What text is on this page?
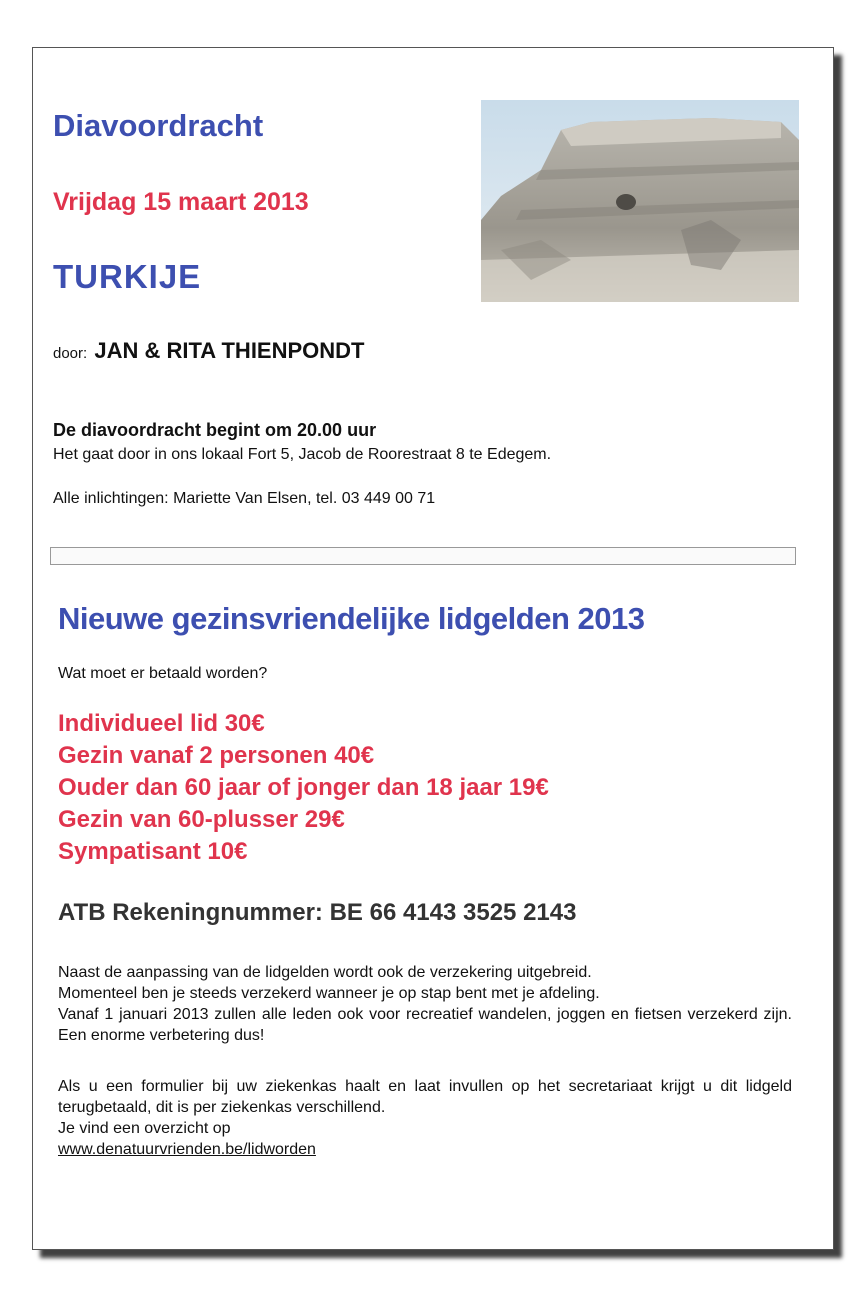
Diavoordracht
Vrijdag 15 maart 2013
TURKIJE
door: JAN & RITA THIENPONDT
De diavoordracht begint om 20.00 uur
Het gaat door in ons lokaal Fort 5, Jacob de Roorestraat 8 te Edegem.
Alle inlichtingen: Mariette Van Elsen, tel. 03 449 00 71
Nieuwe gezinsvriendelijke lidgelden 2013
Wat moet er betaald worden?
Individueel lid 30€
Gezin vanaf 2 personen 40€
Ouder dan 60 jaar of jonger dan 18 jaar 19€
Gezin van 60-plusser 29€
Sympatisant 10€
ATB Rekeningnummer: BE 66 4143 3525 2143
Naast de aanpassing van de lidgelden wordt ook de verzekering uitgebreid.
Momenteel ben je steeds verzekerd wanneer je op stap bent met je afdeling.
Vanaf 1 januari 2013 zullen alle leden ook voor recreatief wandelen, joggen en fietsen verzekerd zijn. Een enorme verbetering dus!
Als u een formulier bij uw ziekenkas haalt en laat invullen op het secretariaat krijgt u dit lidgeld terugbetaald, dit is per ziekenkas verschillend.
Je vind een overzicht op
www.denatuurvrienden.be/lidworden
